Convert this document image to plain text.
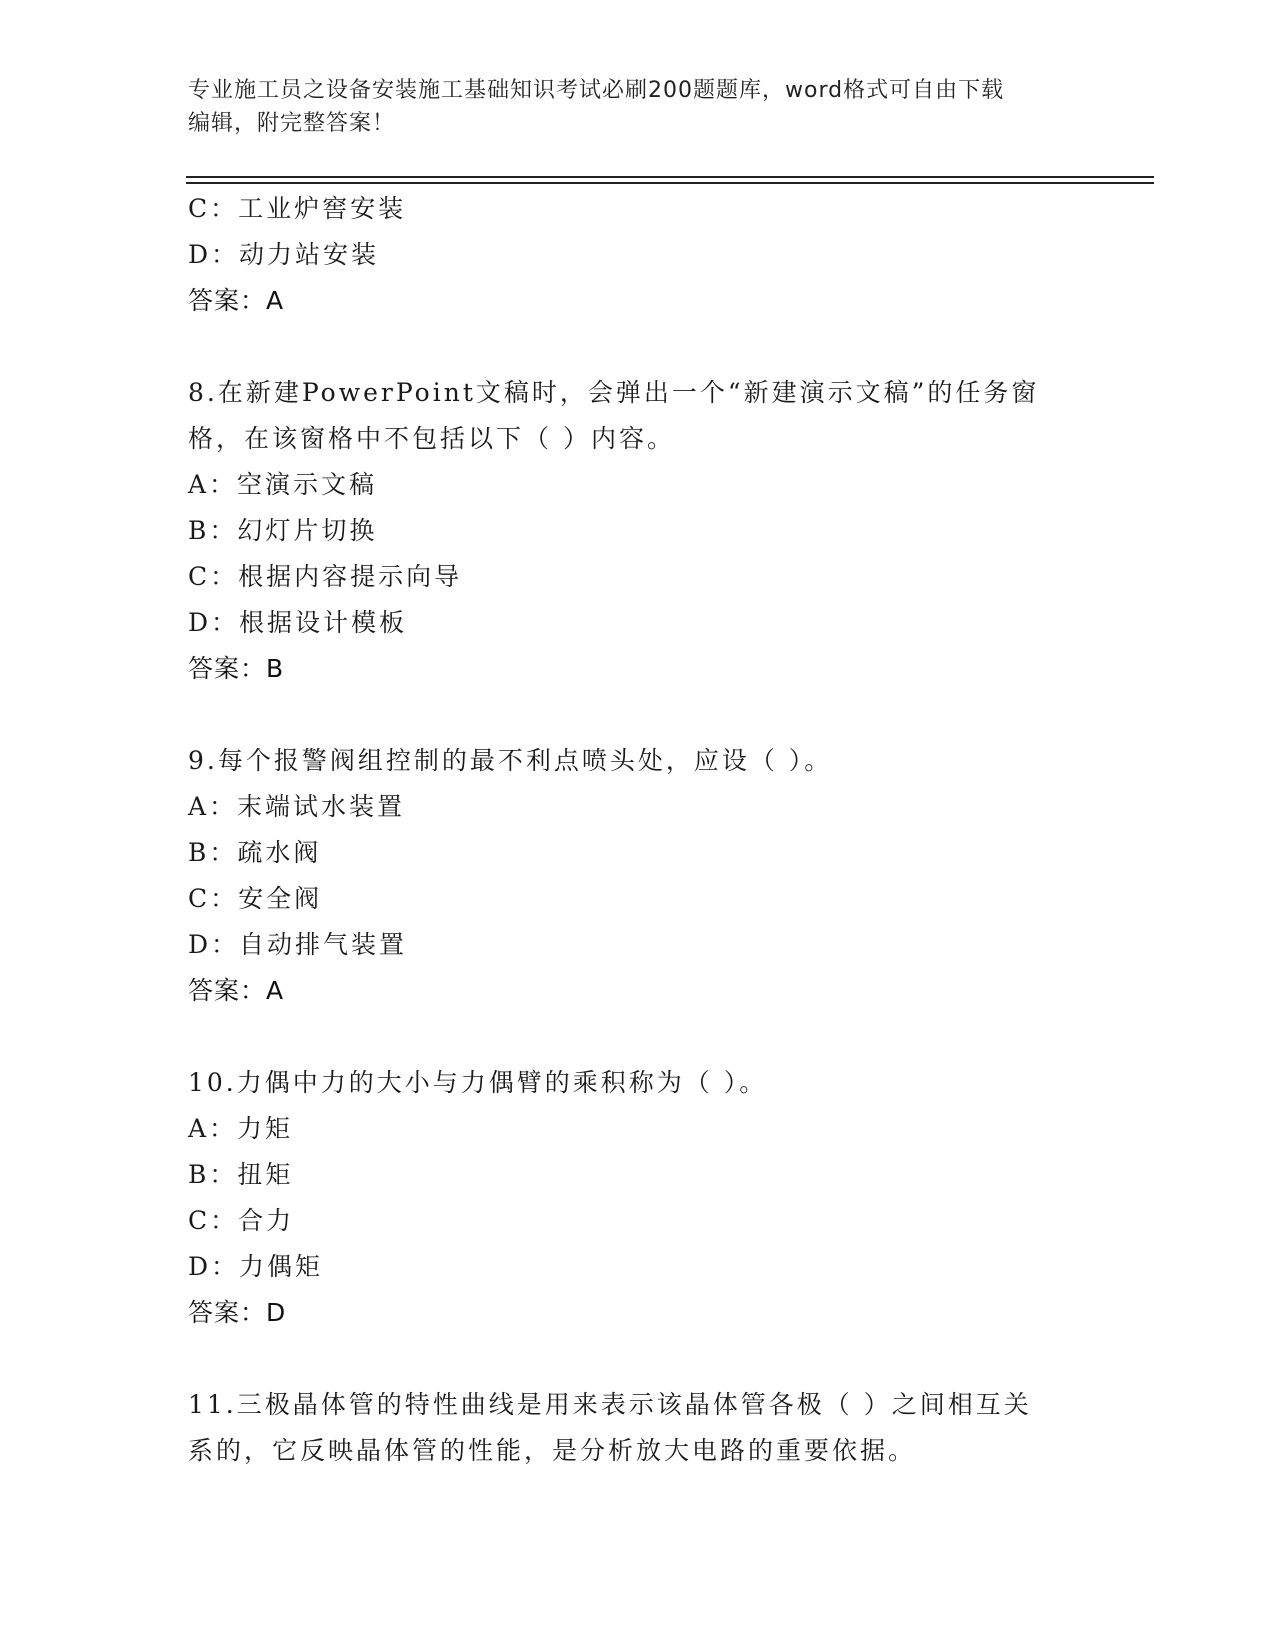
专业施工员之设备安装施工基础知识考试必刷200题题库，word格式可自由下载
编辑，附完整答案！
C：工业炉窖安装
D：动力站安装
答案：A
8.在新建PowerPoint文稿时，会弹出一个“新建演示文稿”的任务窗
格，在该窗格中不包括以下（ ）内容。
A：空演示文稿
B：幻灯片切换
C：根据内容提示向导
D：根据设计模板
答案：B
9.每个报警阀组控制的最不利点喷头处，应设（ ）。
A：末端试水装置
B：疏水阀
C：安全阀
D：自动排气装置
答案：A
10.力偶中力的大小与力偶臂的乘积称为（ ）。
A：力矩
B：扭矩
C：合力
D：力偶矩
答案：D
11.三极晶体管的特性曲线是用来表示该晶体管各极（ ）之间相互关
系的，它反映晶体管的性能，是分析放大电路的重要依据。
